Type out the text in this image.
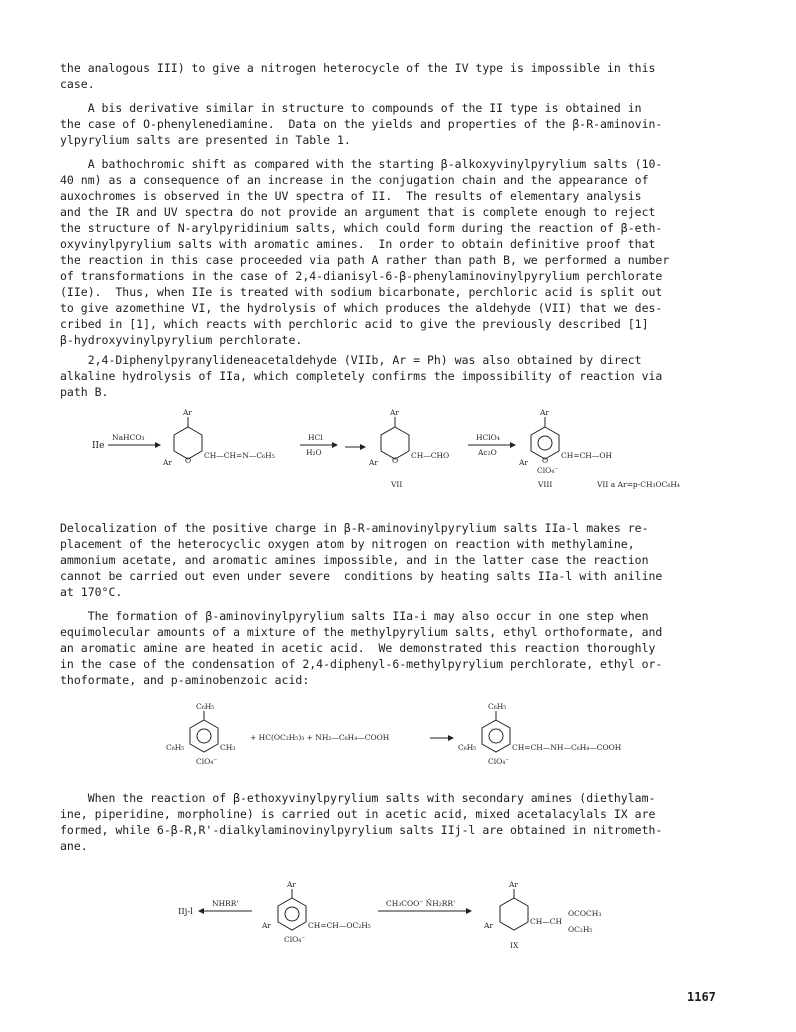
the analogous III) to give a nitrogen heterocycle of the IV type is impossible in this
case.
A bis derivative similar in structure to compounds of the II type is obtained in
the case of O-phenylenediamine.  Data on the yields and properties of the β-R-aminovin-
ylpyrylium salts are presented in Table 1.
A bathochromic shift as compared with the starting β-alkoxyvinylpyrylium salts (10-
40 nm) as a consequence of an increase in the conjugation chain and the appearance of
auxochromes is observed in the UV spectra of II.  The results of elementary analysis
and the IR and UV spectra do not provide an argument that is complete enough to reject
the structure of N-arylpyridinium salts, which could form during the reaction of β-eth-
oxyvinylpyrylium salts with aromatic amines.  In order to obtain definitive proof that
the reaction in this case proceeded via path A rather than path B, we performed a number
of transformations in the case of 2,4-dianisyl-6-β-phenylaminovinylpyrylium perchlorate
(IIe).  Thus, when IIe is treated with sodium bicarbonate, perchloric acid is split out
to give azomethine VI, the hydrolysis of which produces the aldehyde (VII) that we des-
cribed in [1], which reacts with perchloric acid to give the previously described [1]
β-hydroxyvinylpyrylium perchlorate.
2,4-Diphenylpyranylideneacetaldehyde (VIIb, Ar = Ph) was also obtained by direct
alkaline hydrolysis of IIa, which completely confirms the impossibility of reaction via
path B.
IIe
NaHCO₃
Ar
Ar O
CH—CH=N—C₆H₅
HCl
H₂O
Ar
Ar O
CH—CHO
VII
HClO₄
Ac₂O
Ar
Ar O
CH=CH—OH
ClO₄⁻
VIII	VII a Ar=p-CH₃OC₆H₄
Delocalization of the positive charge in β-R-aminovinylpyrylium salts IIa-l makes re-
placement of the heterocyclic oxygen atom by nitrogen on reaction with methylamine,
ammonium acetate, and aromatic amines impossible, and in the latter case the reaction
cannot be carried out even under severe  conditions by heating salts IIa-l with aniline
at 170°C.
The formation of β-aminovinylpyrylium salts IIa-i may also occur in one step when
equimolecular amounts of a mixture of the methylpyrylium salts, ethyl orthoformate, and
an aromatic amine are heated in acetic acid.  We demonstrated this reaction thoroughly
in the case of the condensation of 2,4-diphenyl-6-methylpyrylium perchlorate, ethyl or-
thoformate, and p-aminobenzoic acid:
C₆H₅
C₆H₅	CH₃
ClO₄⁻
+ HC(OC₂H₅)₃ + NH₂—C₆H₄—COOH
C₆H₅
C₆H₅	CH=CH—NH—C₆H₄—COOH
ClO₄⁻
When the reaction of β-ethoxyvinylpyrylium salts with secondary amines (diethylam-
ine, piperidine, morpholine) is carried out in acetic acid, mixed acetalacylals IX are
formed, while 6-β-R,R'-dialkylaminovinylpyrylium salts IIj-l are obtained in nitrometh-
ane.
IIj-l
NHRR'
Ar
Ar	CH=CH—OC₂H₅
ClO₄⁻
CH₃COO⁻ N̄H₂RR'
Ar
Ar	CH—CH
OCOCH₃
OC₂H₅
IX
1167
